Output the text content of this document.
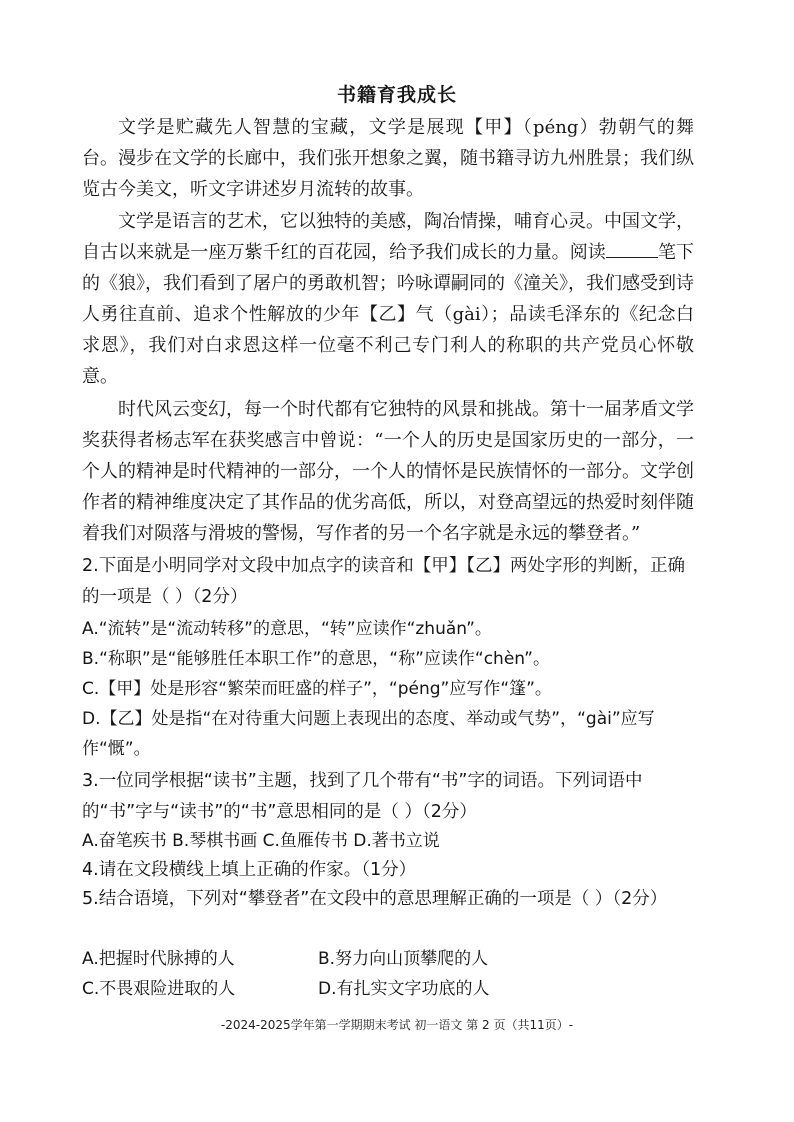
书籍育我成长

文学是贮藏先人智慧的宝藏，文学是展现【甲】（péng）勃朝气的舞台。漫步在文学的长廊中，我们张开想象之翼，随书籍寻访九州胜景；我们纵览古今美文，听文字讲述岁月流转的故事。

文学是语言的艺术，它以独特的美感，陶冶情操，哺育心灵。中国文学，自古以来就是一座万紫千红的百花园，给予我们成长的力量。阅读	笔下的《狼》，我们看到了屠户的勇敢机智；吟咏谭嗣同的《潼关》，我们感受到诗人勇往直前、追求个性解放的少年【乙】气（gài）；品读毛泽东的《纪念白求恩》，我们对白求恩这样一位毫不利己专门利人的称职的共产党员心怀敬意。

时代风云变幻，每一个时代都有它独特的风景和挑战。第十一届茅盾文学奖获得者杨志军在获奖感言中曾说：“一个人的历史是国家历史的一部分，一个人的精神是时代精神的一部分，一个人的情怀是民族情怀的一部分。文学创作者的精神维度决定了其作品的优劣高低，所以，对登高望远的热爱时刻伴随着我们对陨落与滑坡的警惕，写作者的另一个名字就是永远的攀登者。”

2.下面是小明同学对文段中加点字的读音和【甲】【乙】两处字形的判断，正确的一项是（ ）（2分）

A.“流转”是“流动转移”的意思，“转”应读作“zhuǎn”。

B.“称职”是“能够胜任本职工作”的意思，“称”应读作“chèn”。

C.【甲】处是形容“繁荣而旺盛的样子”，“péng”应写作“篷”。

D.【乙】处是指“在对待重大问题上表现出的态度、举动或气势”，“gài”应写作“慨”。

3.一位同学根据“读书”主题，找到了几个带有“书”字的词语。下列词语中的“书”字与“读书”的“书”意思相同的是（ ）（2分）

A.奋笔疾书 B.琴棋书画 C.鱼雁传书 D.著书立说

4.请在文段横线上填上正确的作家。（1分）

5.结合语境，下列对“攀登者”在文段中的意思理解正确的一项是（ ）（2分）

A.把握时代脉搏的人	B.努力向山顶攀爬的人
C.不畏艰险进取的人	D.有扎实文字功底的人
-2024-2025学年第一学期期末考试 初一语文 第 2 页（共11页）-
